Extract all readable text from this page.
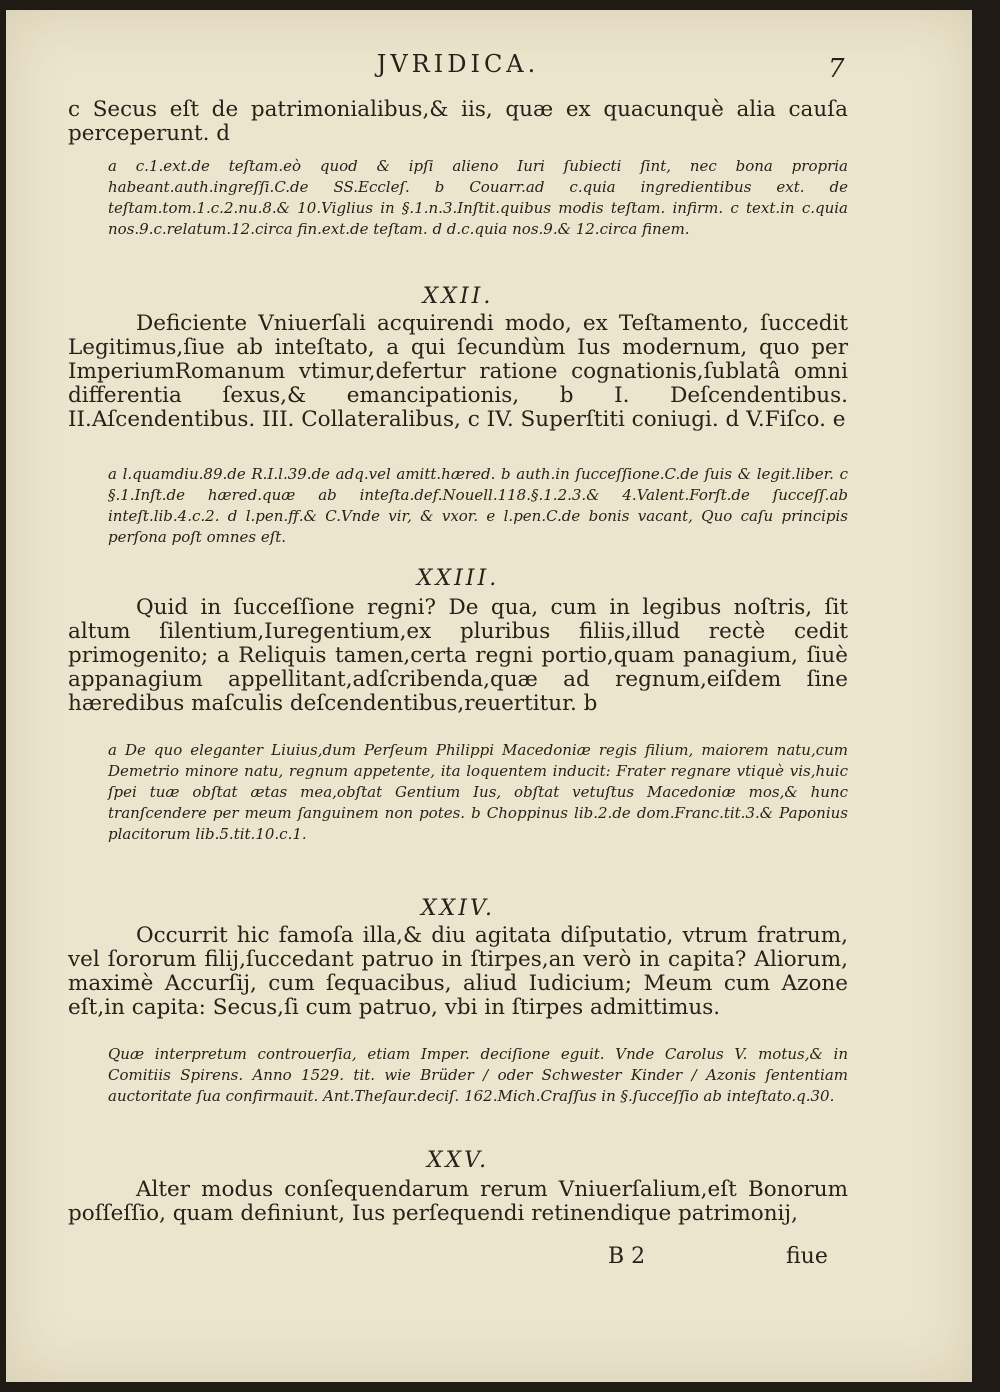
JVRIDICA.	7

c Secus eſt de patrimonialibus,& iis, quæ ex quacunquè alia cauſa perceperunt. d

a c.1.ext.de teſtam.eò quod & ipſi alieno Iuri ſubiecti ſint, nec bona propria habeant.auth.ingreſſi.C.de SS.Eccleſ. b Couarr.ad c.quia ingredientibus ext. de teſtam.tom.1.c.2.nu.8.& 10.Viglius in §.1.n.3.Inſtit.quibus modis teſtam. infirm. c text.in c.quia nos.9.c.relatum.12.circa fin.ext.de teſtam. d d.c.quia nos.9.& 12.circa finem.

XXII.

Deficiente Vniuerſali acquirendi modo, ex Teſtamento, ſuccedit Legitimus,ſiue ab inteſtato, a qui ſecundùm Ius modernum, quo per ImperiumRomanum vtimur,defertur ratione cognationis,ſublatâ omni differentia ſexus,& emancipationis, b I. Deſcendentibus. II.Aſcendentibus. III. Collateralibus, c IV. Superſtiti coniugi. d V.Fiſco. e

a l.quamdiu.89.de R.I.l.39.de adq.vel amitt.hæred. b auth.in ſucceſſione.C.de ſuis & legit.liber. c §.1.Inſt.de hæred.quæ ab inteſta.def.Nouell.118.§.1.2.3.& 4.Valent.Forſt.de ſucceſſ.ab inteſt.lib.4.c.2. d l.pen.ff.& C.Vnde vir, & vxor. e l.pen.C.de bonis vacant, Quo caſu principis perſona poſt omnes eſt.

XXIII.

Quid in ſucceſſione regni? De qua, cum in legibus noſtris, ſit altum ſilentium,Iuregentium,ex pluribus filiis,illud rectè cedit primogenito; a Reliquis tamen,certa regni portio,quam panagium, ſiuè appanagium appellitant,adſcribenda,quæ ad regnum,eiſdem ſine hæredibus maſculis deſcendentibus,reuertitur. b

a De quo eleganter Liuius,dum Perſeum Philippi Macedoniæ regis filium, maiorem natu,cum Demetrio minore natu, regnum appetente, ita loquentem inducit: Frater regnare vtiquè vis,huic ſpei tuæ obſtat ætas mea,obſtat Gentium Ius, obſtat vetuſtus Macedoniæ mos,& hunc tranſcendere per meum ſanguinem non potes. b Choppinus lib.2.de dom.Franc.tit.3.& Paponius placitorum lib.5.tit.10.c.1.

XXIV.

Occurrit hic famoſa illa,& diu agitata diſputatio, vtrum fratrum, vel ſororum filij,ſuccedant patruo in ſtirpes,an verò in capita? Aliorum, maximè Accurſij, cum ſequacibus, aliud Iudicium; Meum cum Azone eſt,in capita: Secus,ſi cum patruo, vbi in ſtirpes admittimus.

Quæ interpretum controuerſia, etiam Imper. deciſione eguit. Vnde Carolus V. motus,& in Comitiis Spirens. Anno 1529. tit. wie Brüder / oder Schwester Kinder / Azonis ſententiam auctoritate ſua confirmauit. Ant.Theſaur.deciſ. 162.Mich.Craſſus in §.ſucceſſio ab inteſtato.q.30.

XXV.

Alter modus conſequendarum rerum Vniuerſalium,eſt Bonorum poſſeſſio, quam definiunt, Ius perſequendi retinendique patrimonij,

B 2	fiue
